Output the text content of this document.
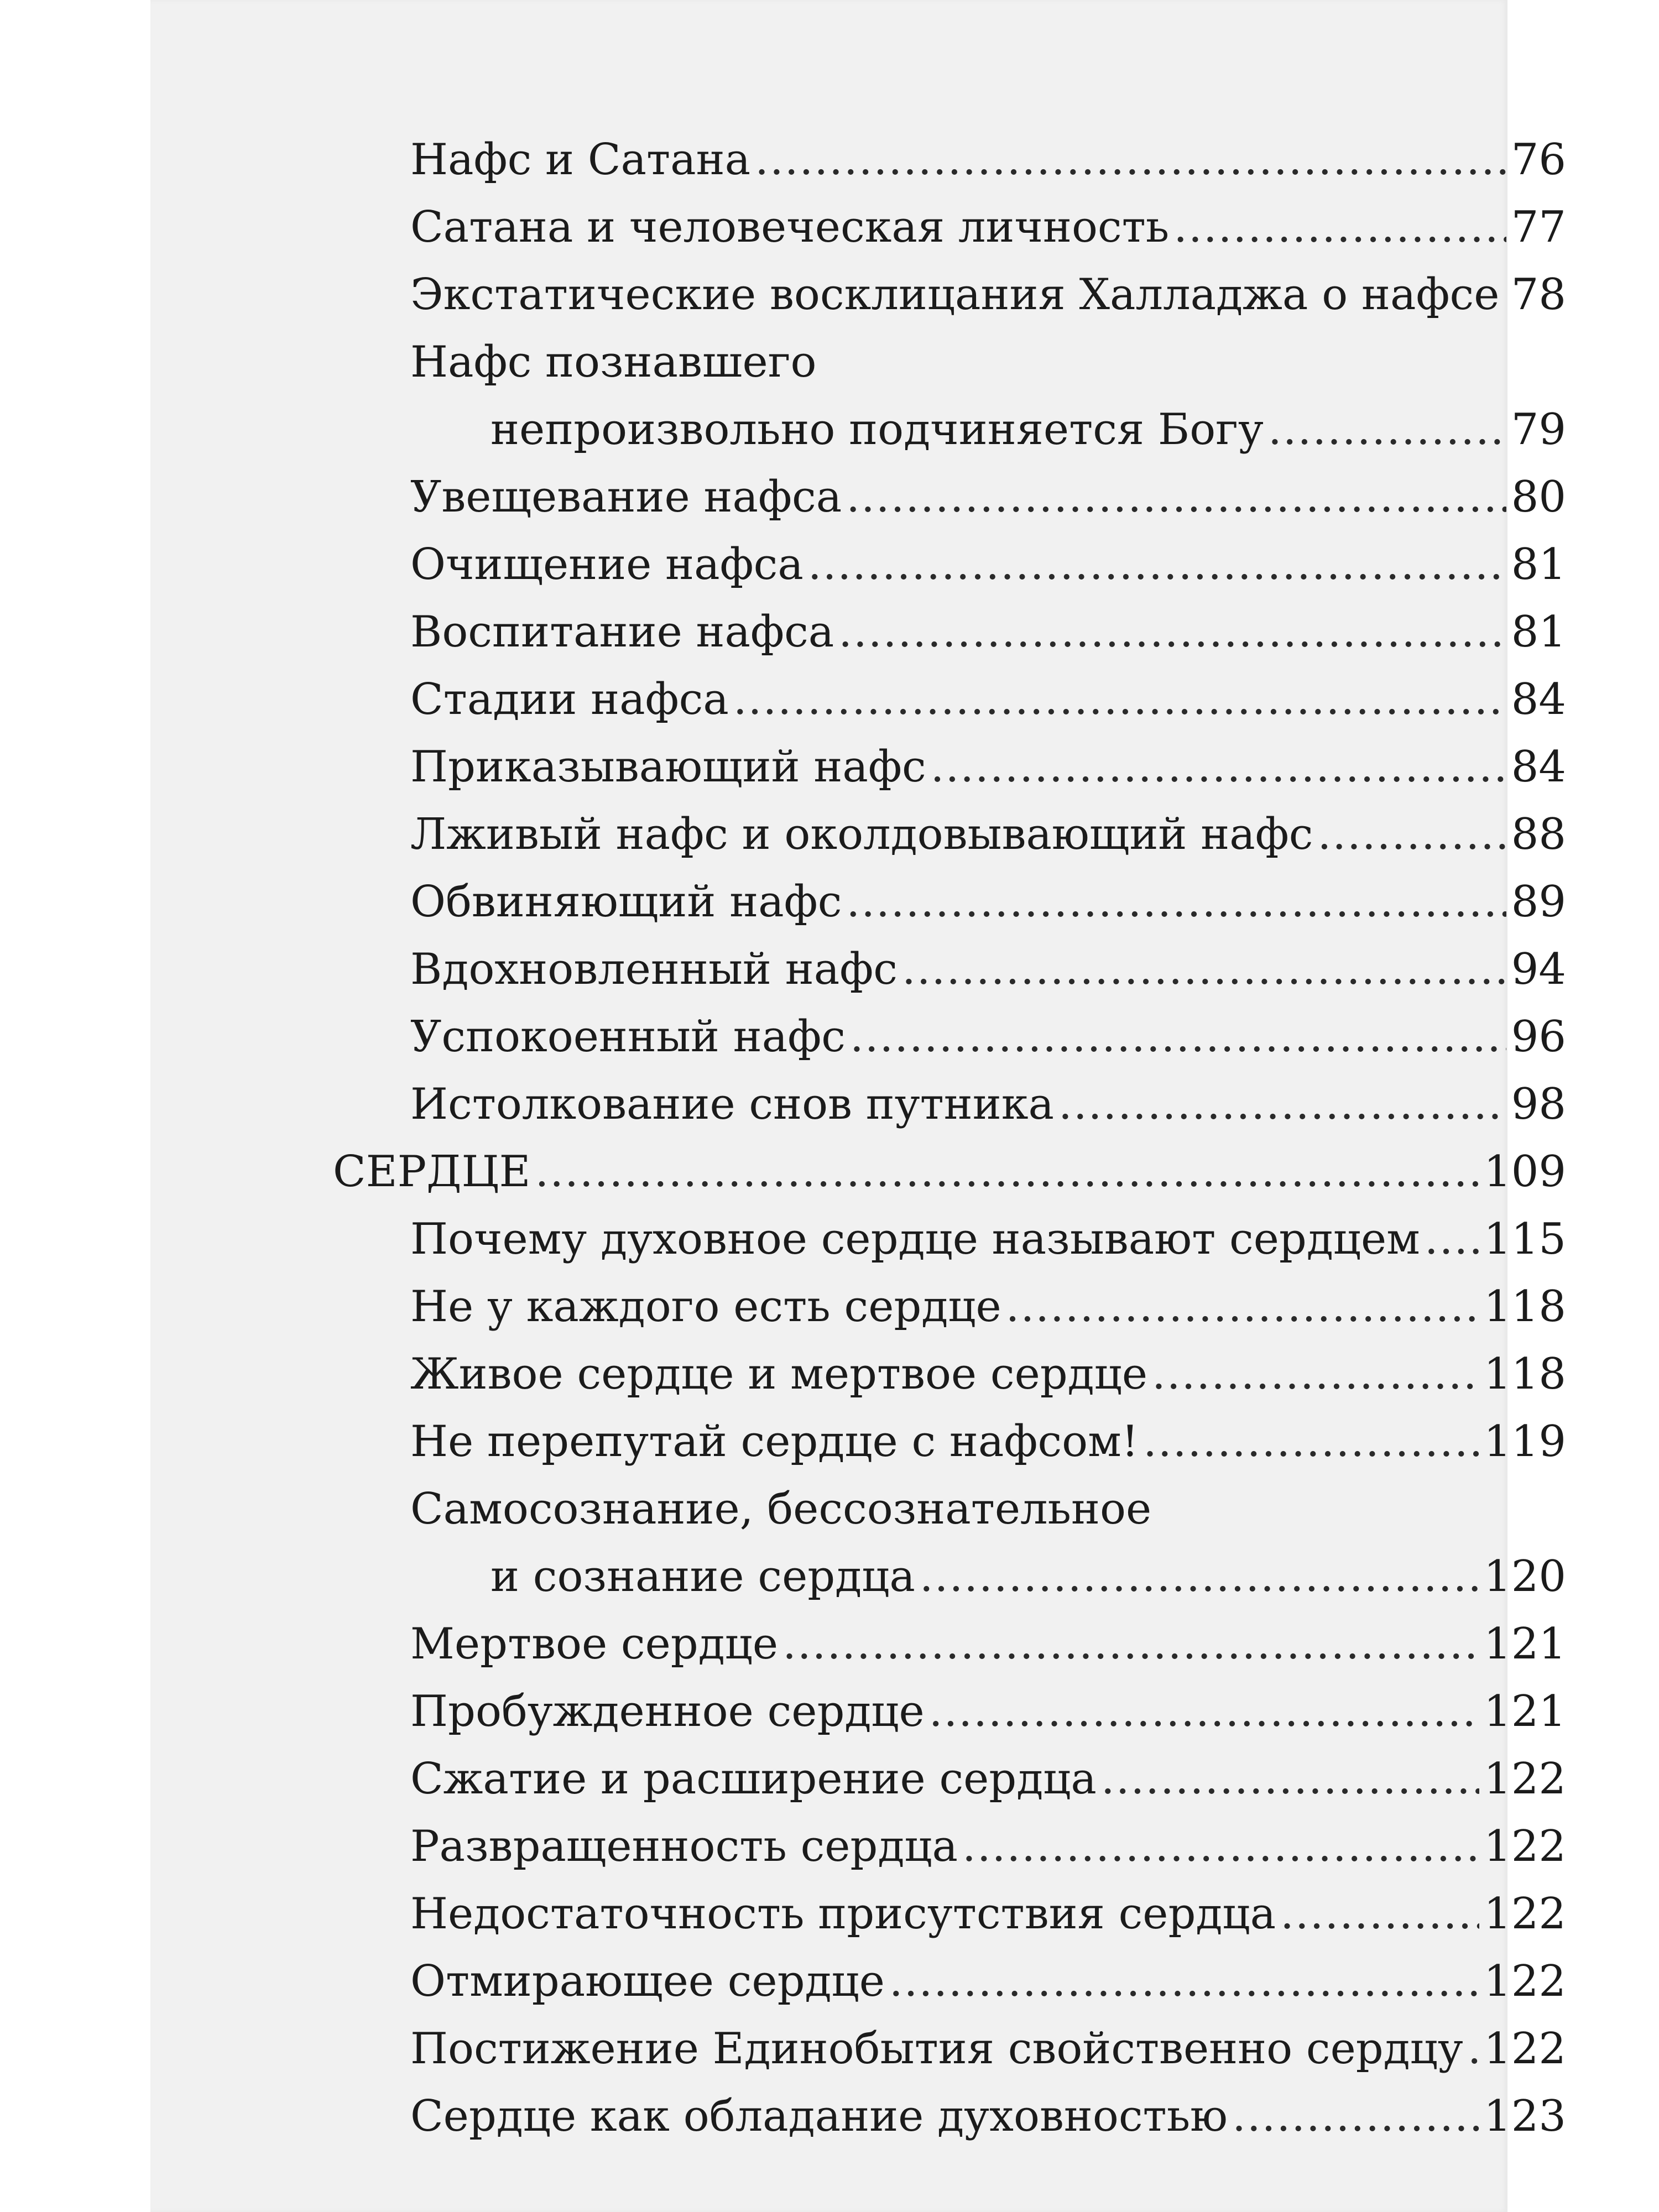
Нафс и Сатана .....	76
Сатана и человеческая личность .....	77
Экстатические восклицания Халладжа о нафсе ..... 78
Нафс познавшего
непроизвольно подчиняется Богу .....	79
Увещевание нафса .....	80
Очищение нафса .....	81
Воспитание нафса .....	81
Стадии нафса .....	84
Приказывающий нафс .....	84
Лживый нафс и околдовывающий нафс .....	88
Обвиняющий нафс .....	89
Вдохновленный нафс .....	94
Успокоенный нафс .....	96
Истолкование снов путника .....	98
СЕРДЦЕ .....	109
Почему духовное сердце называют сердцем ..... 115
Не у каждого есть сердце .....	118
Живое сердце и мертвое сердце .....	118
Не перепутай сердце с нафсом! .....	119
Самосознание, бессознательное
и сознание сердца .....	120
Мертвое сердце .....	121
Пробужденное сердце .....	121
Сжатие и расширение сердца .....	122
Развращенность сердца .....	122
Недостаточность присутствия сердца .....	122
Отмирающее сердце .....	122
Постижение Единобытия свойственно сердцу ..... 122
Сердце как обладание духовностью .....	123
